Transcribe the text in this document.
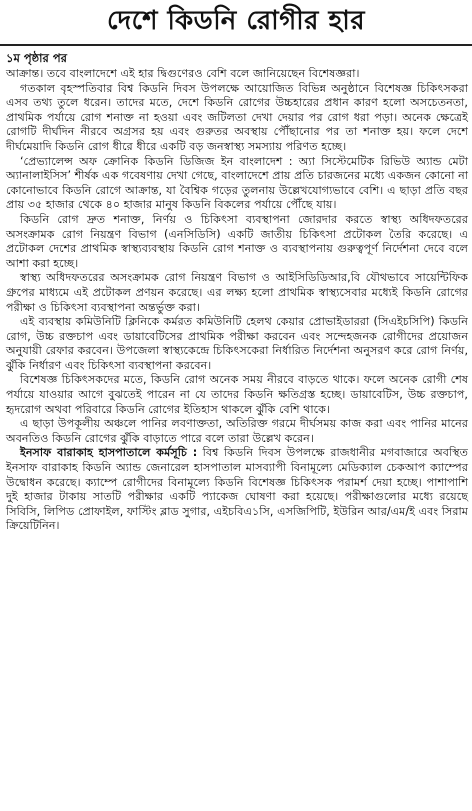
দেশে কিডনি রোগীর হার
১ম পৃষ্ঠার পর

আক্রান্ত। তবে বাংলাদেশে এই হার দ্বিগুণেরও বেশি বলে জানিয়েছেন বিশেষজ্ঞরা।

গতকাল বৃহস্পতিবার বিশ্ব কিডনি দিবস উপলক্ষে আয়োজিত বিভিন্ন অনুষ্ঠানে বিশেষজ্ঞ চিকিৎসকরা এসব তথ্য তুলে ধরেন। তাদের মতে, দেশে কিডনি রোগের উচ্চহারের প্রধান কারণ হলো অসচেতনতা, প্রাথমিক পর্যায়ে রোগ শনাক্ত না হওয়া এবং জটিলতা দেখা দেয়ার পর রোগ ধরা পড়া। অনেক ক্ষেত্রেই রোগটি দীর্ঘদিন নীরবে অগ্রসর হয় এবং গুরুতর অবস্থায় পৌঁছানোর পর তা শনাক্ত হয়। ফলে দেশে দীর্ঘমেয়াদি কিডনি রোগ ধীরে ধীরে একটি বড় জনস্বাস্থ্য সমস্যায় পরিণত হচ্ছে।

‘প্রেভ্যালেন্স অফ ক্রোনিক কিডনি ডিজিজ ইন বাংলাদেশ : অ্যা সিস্টেমেটিক রিভিউ অ্যান্ড মেটা অ্যানালাইসিস’ শীর্ষক এক গবেষণায় দেখা গেছে, বাংলাদেশে প্রায় প্রতি চারজনের মধ্যে একজন কোনো না কোনোভাবে কিডনি রোগে আক্রান্ত, যা বৈশ্বিক গড়ের তুলনায় উল্লেখযোগ্যভাবে বেশি। এ ছাড়া প্রতি বছর প্রায় ৩৫ হাজার থেকে ৪০ হাজার মানুষ কিডনি বিকলের পর্যায়ে পৌঁছে যায়।

কিডনি রোগ দ্রুত শনাক্ত, নির্ণয় ও চিকিৎসা ব্যবস্থাপনা জোরদার করতে স্বাস্থ্য অধিদফতরের অসংক্রামক রোগ নিয়ন্ত্রণ বিভাগ (এনসিডিসি) একটি জাতীয় চিকিৎসা প্রটোকল তৈরি করেছে। এ প্রটোকল দেশের প্রাথমিক স্বাস্থ্যব্যবস্থায় কিডনি রোগ শনাক্ত ও ব্যবস্থাপনায় গুরুত্বপূর্ণ নির্দেশনা দেবে বলে আশা করা হচ্ছে।

স্বাস্থ্য অধিদফতরের অসংক্রামক রোগ নিয়ন্ত্রণ বিভাগ ও আইসিডিডিআর,বি যৌথভাবে সায়েন্টিফিক গ্রুপের মাধ্যমে এই প্রটোকল প্রণয়ন করেছে। এর লক্ষ্য হলো প্রাথমিক স্বাস্থ্যসেবার মধ্যেই কিডনি রোগের পরীক্ষা ও চিকিৎসা ব্যবস্থাপনা অন্তর্ভুক্ত করা।

এই ব্যবস্থায় কমিউনিটি ক্লিনিকে কর্মরত কমিউনিটি হেলথ কেয়ার প্রোভাইডাররা (সিএইচসিপি) কিডনি রোগ, উচ্চ রক্তচাপ এবং ডায়াবেটিসের প্রাথমিক পরীক্ষা করবেন এবং সন্দেহজনক রোগীদের প্রয়োজন অনুযায়ী রেফার করবেন। উপজেলা স্বাস্থ্যকেন্দ্রে চিকিৎসকেরা নির্ধারিত নির্দেশনা অনুসরণ করে রোগ নির্ণয়, ঝুঁকি নির্ধারণ এবং চিকিৎসা ব্যবস্থাপনা করবেন।

বিশেষজ্ঞ চিকিৎসকদের মতে, কিডনি রোগ অনেক সময় নীরবে বাড়তে থাকে। ফলে অনেক রোগী শেষ পর্যায়ে যাওয়ার আগে বুঝতেই পারেন না যে তাদের কিডনি ক্ষতিগ্রস্ত হচ্ছে। ডায়াবেটিস, উচ্চ রক্তচাপ, হৃদরোগ অথবা পরিবারে কিডনি রোগের ইতিহাস থাকলে ঝুঁকি বেশি থাকে।

এ ছাড়া উপকূলীয় অঞ্চলে পানির লবণাক্ততা, অতিরিক্ত গরমে দীর্ঘসময় কাজ করা এবং পানির মানের অবনতিও কিডনি রোগের ঝুঁকি বাড়াতে পারে বলে তারা উল্লেখ করেন।

ইনসাফ বারাকাহ হাসপাতালে কর্মসূচি : বিশ্ব কিডনি দিবস উপলক্ষে রাজধানীর মগবাজারে অবস্থিত ইনসাফ বারাকাহ কিডনি অ্যান্ড জেনারেল হাসপাতাল মাসব্যাপী বিনামূল্যে মেডিক্যাল চেকআপ ক্যাম্পের উদ্বোধন করেছে। ক্যাম্পে রোগীদের বিনামূল্যে কিডনি বিশেষজ্ঞ চিকিৎসক পরামর্শ দেয়া হচ্ছে। পাশাপাশি দুই হাজার টাকায় সাতটি পরীক্ষার একটি প্যাকেজ ঘোষণা করা হয়েছে। পরীক্ষাগুলোর মধ্যে রয়েছে সিবিসি, লিপিড প্রোফাইল, ফাস্টিং ব্লাড সুগার, এইচবিএ১সি, এসজিপিটি, ইউরিন আর/এম/ই এবং সিরাম ক্রিয়েটিনিন।
